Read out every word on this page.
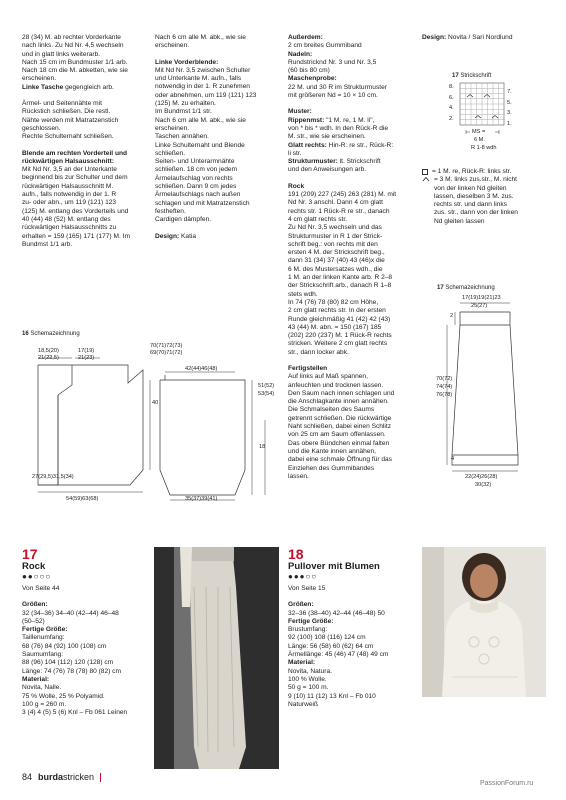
28 (34) M. ab rechter Vorderkante
nach links. Zu Nd Nr. 4,5 wechseln
und in glatt links weiterarb.
Nach 15 cm im Bundmuster 1/1 arb.
Nach 18 cm die M. abketten, wie sie
erscheinen.
Linke Tasche gegengleich arb.
Ärmel- und Seitennähte mit
Rückstich schließen. Die restl.
Nähte werden mit Matratzenstich
geschlossen.
Rechte Schulternaht schließen.
Blende am rechten Vorderteil und
rückwärtigen Halsausschnitt:
Mit Nd Nr. 3,5 an der Unterkante
beginnend bis zur Schulter und dem
rückwärtigen Halsausschnitt M.
aufn., falls notwendig in der 1. R
zu- oder abn., um 119 (121) 123
(125) M. entlang des Vorderteils und
40 (44) 48 (52) M. entlang des
rückwärtigen Halsausschnitts zu
erhalten = 159 (165) 171 (177) M. Im
Bundmst 1/1 arb.
Nach 6 cm alle M. abk., wie sie
erscheinen.
Linke Vorderblende:
Mit Nd Nr. 3,5 zwischen Schulter
und Unterkante M. aufn., falls
notwendig in der 1. R zunehmen
oder abnehmen, um 119 (121) 123
(125) M. zu erhalten.
Im Bundmst 1/1 str.
Nach 6 cm alle M. abk., wie sie
erscheinen.
Taschen annähen.
Linke Schulternaht und Blende
schließen.
Seiten- und Unterarmnähte
schließen. 18 cm von jedem
Ärmelaufschlag von rechts
schließen. Dann 9 cm jedes
Ärmelaufschlags nach außen
schlagen und mit Matratzenstich
festheften.
Cardigen dämpfen.
Design: Katia
16 Schemazeichnung
18,5(20)
21(22,5)
17(19)
21(23)
27(29,5)31,5(34)
54(59)63(68)
70(71)72(73)
69(70)71(72)
42(44)46(48)
40
51(52)
53(54)
18
35(37)39(41)
Außerdem:
2 cm breites Gummiband
Nadeln:
Rundstricknd Nr. 3 und Nr. 3,5
(60 bis 80 cm)
Maschenprobe:
22 M. und 30 R im Strukturmuster
mit größeren Nd = 10 × 10 cm.
Muster:
Rippenmst: "1 M. re, 1 M. li",
von * bis * wdh. In den Rück-R die
M. str., wie sie erscheinen.
Glatt rechts: Hin-R: re str., Rück-R:
li str.
Strukturmuster: lt. Strickschrift
und den Anweisungen arb.
Rock
191 (209) 227 (245) 263 (281) M. mit
Nd Nr. 3 anschl. Dann 4 cm glatt
rechts str. 1 Rück-R re str., danach
4 cm glatt rechts str.
Zu Nd Nr. 3,5 wechseln und das
Strukturmuster in R 1 der Strick-
schrift beg.: von rechts mit den
ersten 4 M. der Strickschrift beg.,
dann 31 (34) 37 (40) 43 (46)x die
6 M. des Mustersatzes wdh., die
1 M. an der linken Kante arb. R 2–8
der Strickschrift arb., danach R 1–8
stets wdh.
In 74 (76) 78 (80) 82 cm Höhe,
2 cm glatt rechts str. In der ersten
Runde gleichmäßig 41 (42) 42 (43)
43 (44) M. abn. = 150 (167) 185
(202) 220 (237) M. 1 Rück-R rechts
stricken. Weitere 2 cm glatt rechts
str., dann locker abk.
Fertigstellen
Auf links auf Maß spannen,
anfeuchten und trocknen lassen.
Den Saum nach innen schlagen und
die Anschlagkante innen annähen.
Die Schmalseiten des Saums
getrennt schließen. Die rückwärtige
Naht schließen, dabei einen Schlitz
von 25 cm am Saum offenlassen.
Das obere Bündchen einmal falten
und die Kante innen annähen,
dabei eine schmale Öffnung für das
Einziehen des Gummibandes
lassen.
Design: Novita / Sari Nordlund
17 Strickschrift
8.
6.
4.
2.
7.
5.
3.
1.
MS =
6 M.
R 1-8 wdh
= 1 M. re, Rück-R: links str.
= 3 M. links zus.str., M. nicht
von der linken Nd gleiten
lassen, dieselben 3 M. zus.
rechts str. und dann links
zus. str., dann von der linken
Nd gleiten lassen
17 Schemazeichnung
17(19)19(21)23
25(27)
2
70(72)
74(74)
76(78)
4
22(24)26(28)
30(32)
17
Rock
●●○○○
Von Seite 44
Größen:
32 (34–36) 34–40 (42–44) 46–48
(50–52)
Fertige Größe:
Taillenumfang:
68 (76) 84 (92) 100 (108) cm
Saumumfang:
88 (96) 104 (112) 120 (128) cm
Länge: 74 (76) 78 (78) 80 (82) cm
Material:
Novita, Nalle.
75 % Wolle, 25 % Polyamid.
100 g = 260 m.
3 (4) 4 (5) 5 (6) Knl – Fb 061 Leinen
18
Pullover mit Blumen
●●●○○
Von Seite 15
Größen:
32–36 (38–40) 42–44 (46–48) 50
Fertige Größe:
Brustumfang:
92 (100) 108 (116) 124 cm
Länge: 56 (58) 60 (62) 64 cm
Ärmellänge: 45 (46) 47 (48) 49 cm
Material:
Novita, Natura.
100 % Wolle.
50 g = 100 m.
9 (10) 11 (12) 13 Knl – Fb 010
Naturweiß
84 burdastricken
PassionForum.ru
